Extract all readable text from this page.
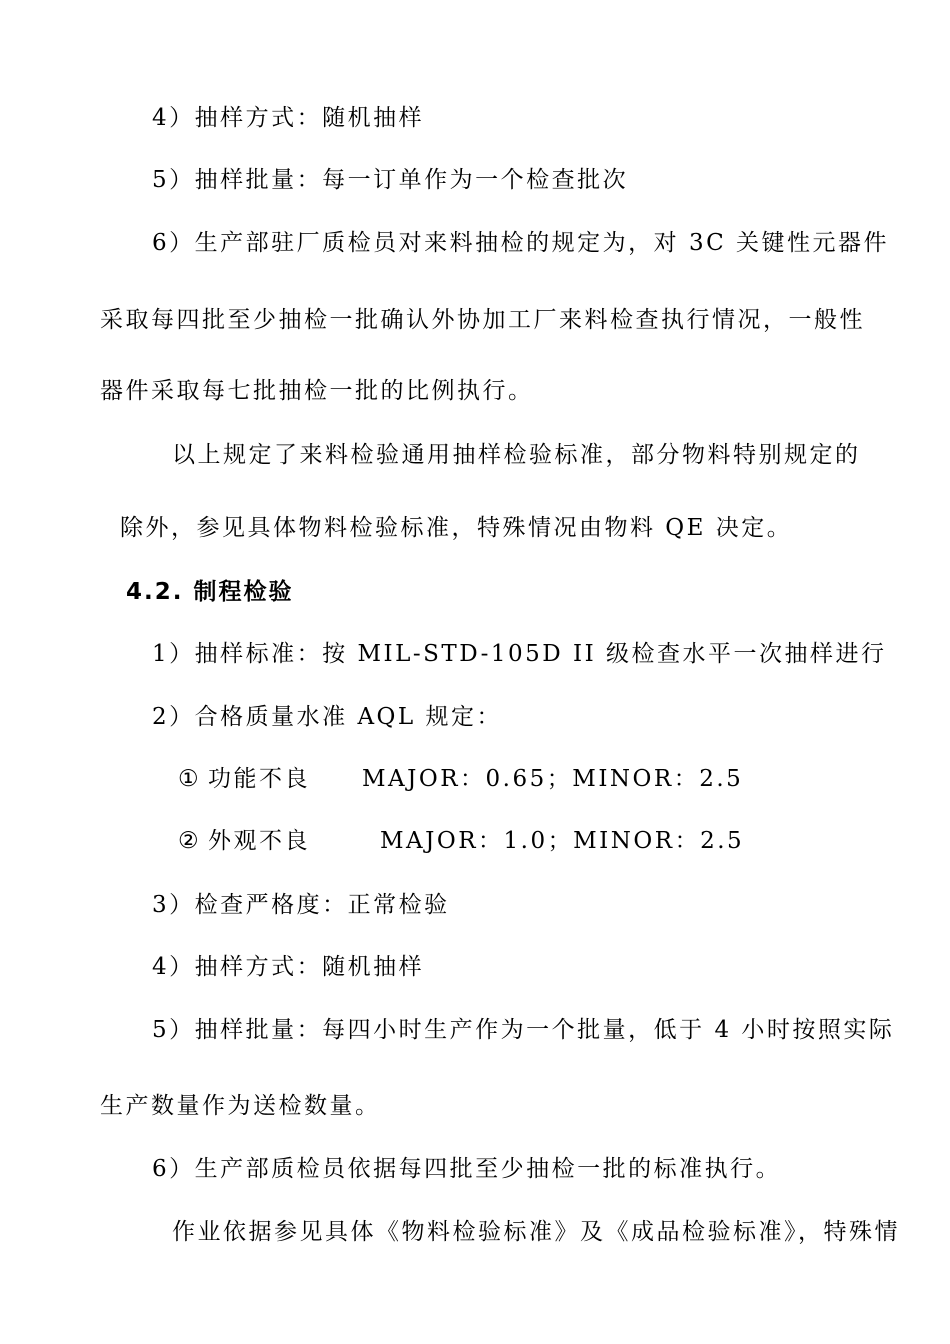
4）抽样方式：随机抽样
5）抽样批量：每一订单作为一个检查批次
6）生产部驻厂质检员对来料抽检的规定为，对 3C 关键性元器件
采取每四批至少抽检一批确认外协加工厂来料检查执行情况，一般性
器件采取每七批抽检一批的比例执行。
以上规定了来料检验通用抽样检验标准，部分物料特别规定的
除外，参见具体物料检验标准，特殊情况由物料 QE 决定。
4.2. 制程检验
1）抽样标准：按 MIL-STD-105D II 级检查水平一次抽样进行
2）合格质量水准 AQL 规定：
① 功能不良 MAJOR：0.65；MINOR：2.5
② 外观不良	MAJOR：1.0；MINOR：2.5
3）检查严格度：正常检验
4）抽样方式：随机抽样
5）抽样批量：每四小时生产作为一个批量，低于 4 小时按照实际
生产数量作为送检数量。
6）生产部质检员依据每四批至少抽检一批的标准执行。
作业依据参见具体《物料检验标准》及《成品检验标准》，特殊情
